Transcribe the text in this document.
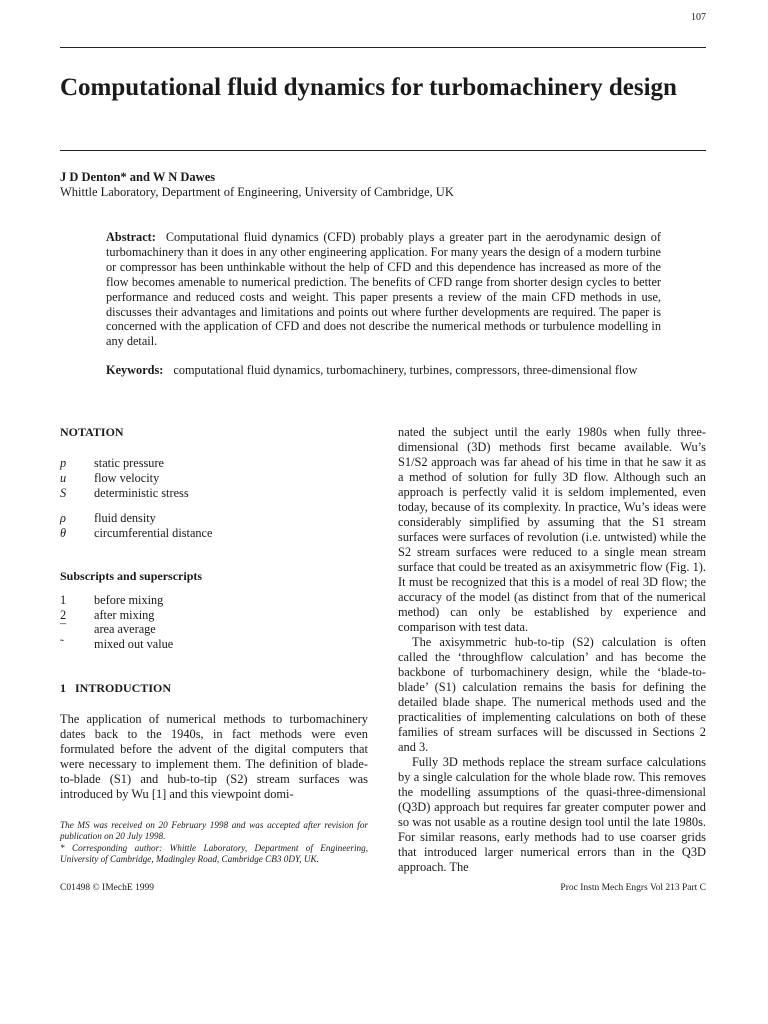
107
Computational fluid dynamics for turbomachinery design
J D Denton* and W N Dawes
Whittle Laboratory, Department of Engineering, University of Cambridge, UK
Abstract: Computational fluid dynamics (CFD) probably plays a greater part in the aerodynamic design of turbomachinery than it does in any other engineering application. For many years the design of a modern turbine or compressor has been unthinkable without the help of CFD and this dependence has increased as more of the flow becomes amenable to numerical prediction. The benefits of CFD range from shorter design cycles to better performance and reduced costs and weight. This paper presents a review of the main CFD methods in use, discusses their advantages and limitations and points out where further developments are required. The paper is concerned with the application of CFD and does not describe the numerical methods or turbulence modelling in any detail.
Keywords: computational fluid dynamics, turbomachinery, turbines, compressors, three-dimensional flow
NOTATION
p static pressure
u flow velocity
S deterministic stress
ρ fluid density
θ circumferential distance
Subscripts and superscripts
1 before mixing
2 after mixing
¯ area average
˜ mixed out value
1   INTRODUCTION

The application of numerical methods to turbomachinery dates back to the 1940s, in fact methods were even formulated before the advent of the digital computers that were necessary to implement them. The definition of blade-to-blade (S1) and hub-to-tip (S2) stream surfaces was introduced by Wu [1] and this viewpoint domi-

The MS was received on 20 February 1998 and was accepted after revision for publication on 20 July 1998.
* Corresponding author: Whittle Laboratory, Department of Engineering, University of Cambridge, Madingley Road, Cambridge CB3 0DY, UK.

nated the subject until the early 1980s when fully three-dimensional (3D) methods first became available. Wu’s S1/S2 approach was far ahead of his time in that he saw it as a method of solution for fully 3D flow. Although such an approach is perfectly valid it is seldom implemented, even today, because of its complexity. In practice, Wu’s ideas were considerably simplified by assuming that the S1 stream surfaces were surfaces of revolution (i.e. untwisted) while the S2 stream surfaces were reduced to a single mean stream surface that could be treated as an axisymmetric flow (Fig. 1). It must be recognized that this is a model of real 3D flow; the accuracy of the model (as distinct from that of the numerical method) can only be established by experience and comparison with test data.

The axisymmetric hub-to-tip (S2) calculation is often called the ‘throughflow calculation’ and has become the backbone of turbomachinery design, while the ‘blade-to-blade’ (S1) calculation remains the basis for defining the detailed blade shape. The numerical methods used and the practicalities of implementing calculations on both of these families of stream surfaces will be discussed in Sections 2 and 3.

Fully 3D methods replace the stream surface calculations by a single calculation for the whole blade row. This removes the modelling assumptions of the quasi-three-dimensional (Q3D) approach but requires far greater computer power and so was not usable as a routine design tool until the late 1980s. For similar reasons, early methods had to use coarser grids that introduced larger numerical errors than in the Q3D approach. The

C01498 © IMechE 1999	Proc Instn Mech Engrs Vol 213 Part C
